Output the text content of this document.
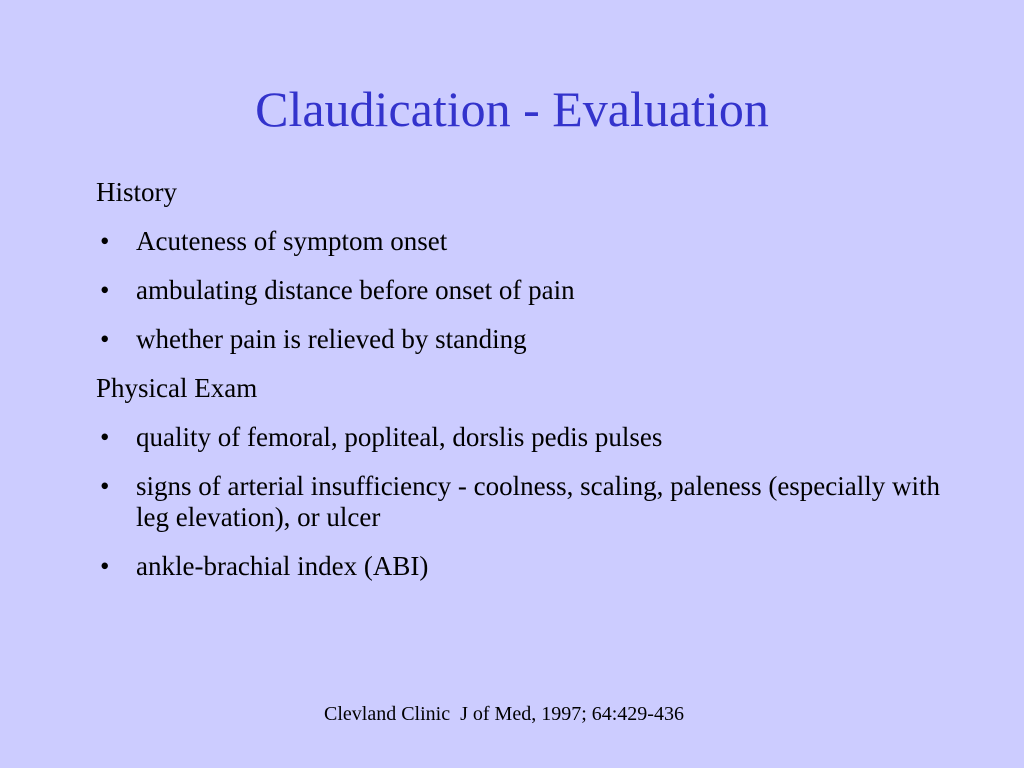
Claudication - Evaluation
History
• Acuteness of symptom onset
• ambulating distance before onset of pain
• whether pain is relieved by standing
Physical Exam
• quality of femoral, popliteal, dorslis pedis pulses
• signs of arterial insufficiency - coolness, scaling, paleness (especially with leg elevation), or ulcer
• ankle-brachial index (ABI)
Clevland Clinic  J of Med, 1997; 64:429-436
